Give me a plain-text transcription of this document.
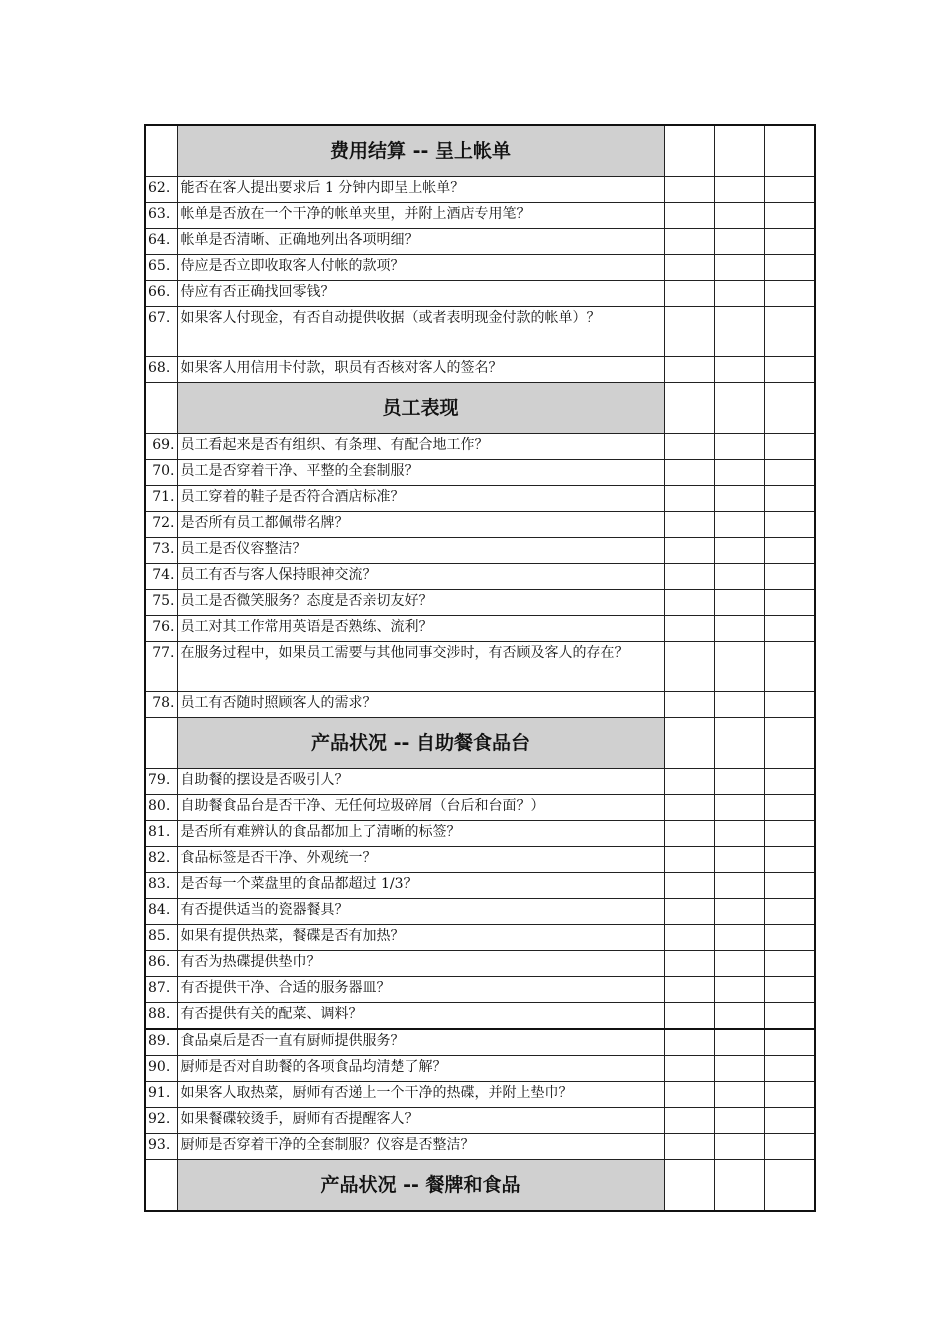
	费用结算 -- 呈上帐单			
62.	能否在客人提出要求后 1 分钟内即呈上帐单？			
63.	帐单是否放在一个干净的帐单夹里，并附上酒店专用笔？			
64.	帐单是否清晰、正确地列出各项明细？			
65.	侍应是否立即收取客人付帐的款项？			
66.	侍应有否正确找回零钱？			
67.	如果客人付现金，有否自动提供收据（或者表明现金付款的帐单）？			
68.	如果客人用信用卡付款，职员有否核对客人的签名？			
	员工表现			
69.	员工看起来是否有组织、有条理、有配合地工作？			
70.	员工是否穿着干净、平整的全套制服？			
71.	员工穿着的鞋子是否符合酒店标准？			
72.	是否所有员工都佩带名牌？			
73.	员工是否仪容整洁？			
74.	员工有否与客人保持眼神交流？			
75.	员工是否微笑服务？态度是否亲切友好？			
76.	员工对其工作常用英语是否熟练、流利？			
77.	在服务过程中，如果员工需要与其他同事交涉时，有否顾及客人的存在？			
78.	员工有否随时照顾客人的需求？			
	产品状况 -- 自助餐食品台			
79.	自助餐的摆设是否吸引人？			
80.	自助餐食品台是否干净、无任何垃圾碎屑（台后和台面？）			
81.	是否所有难辨认的食品都加上了清晰的标签？			
82.	食品标签是否干净、外观统一？			
83.	是否每一个菜盘里的食品都超过 1/3？			
84.	有否提供适当的瓷器餐具？			
85.	如果有提供热菜，餐碟是否有加热？			
86.	有否为热碟提供垫巾？			
87.	有否提供干净、合适的服务器皿？			
88.	有否提供有关的配菜、调料？			
89.	食品桌后是否一直有厨师提供服务？			
90.	厨师是否对自助餐的各项食品均清楚了解？			
91.	如果客人取热菜，厨师有否递上一个干净的热碟，并附上垫巾？			
92.	如果餐碟较烫手，厨师有否提醒客人？			
93.	厨师是否穿着干净的全套制服？仪容是否整洁？			
	产品状况 -- 餐牌和食品			
